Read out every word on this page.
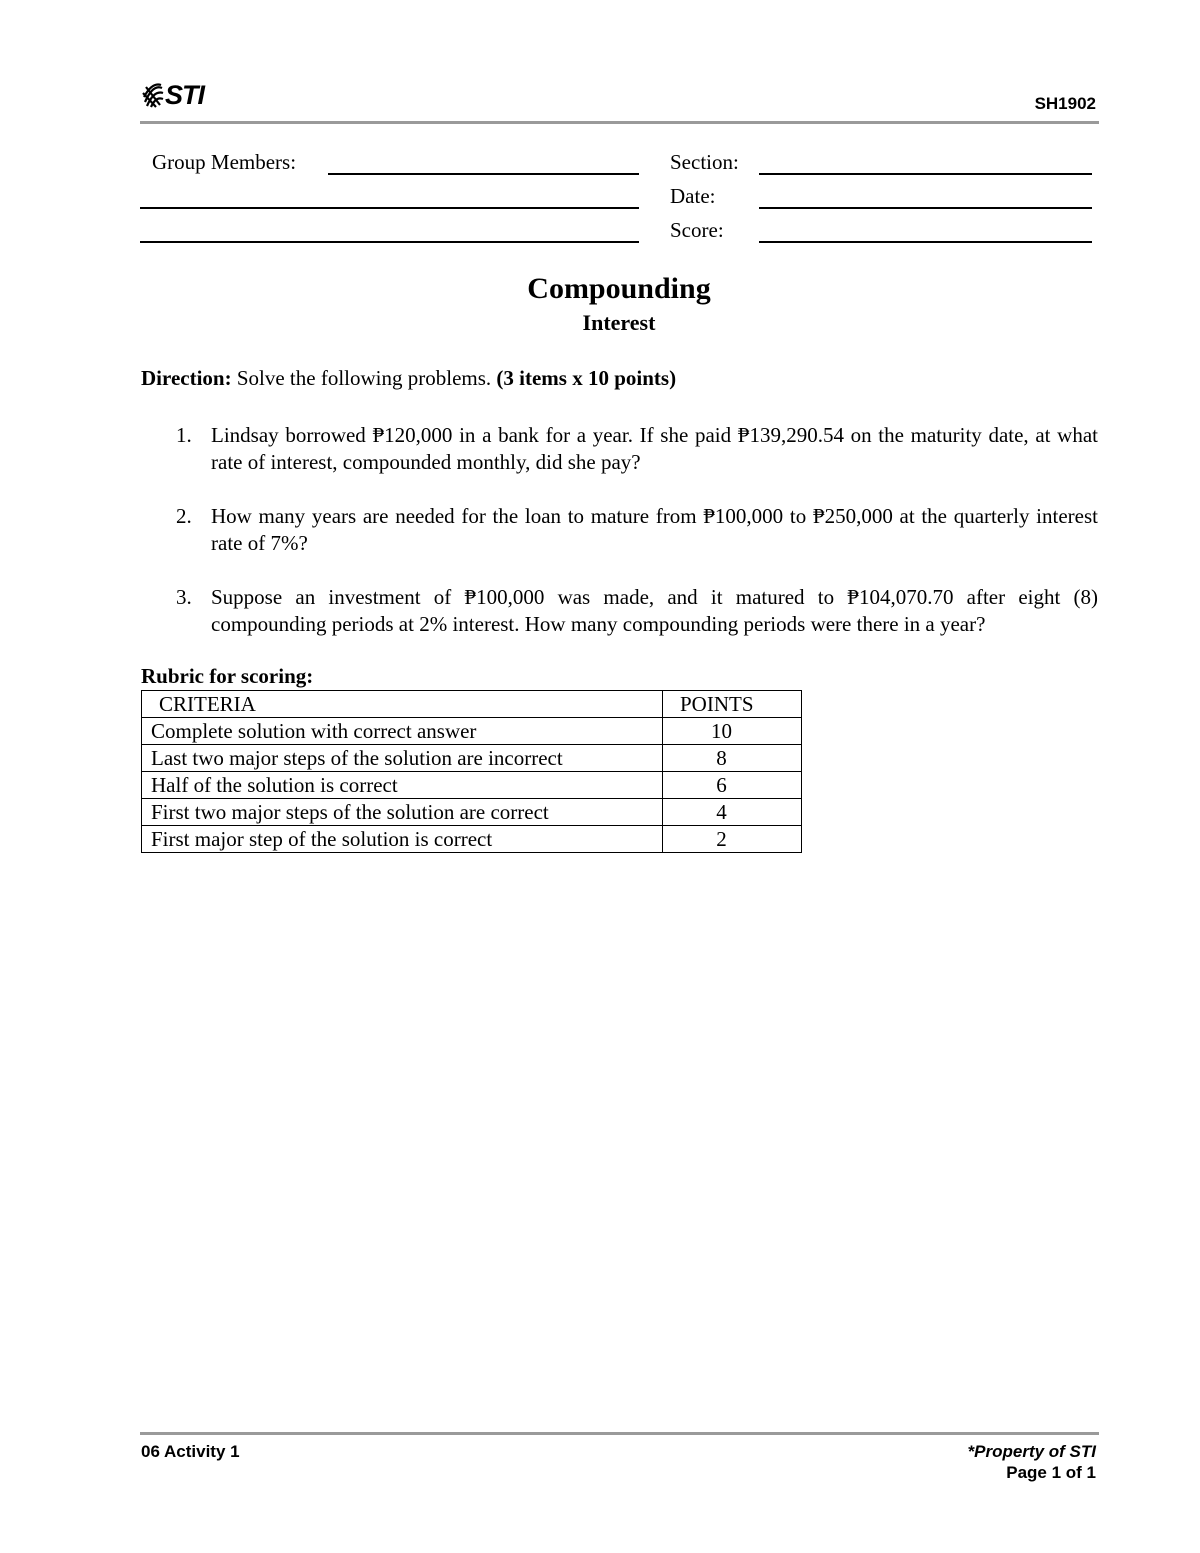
STI	SH1902
Group Members:	Section:
Date:
Score:
Compounding
Interest
Direction: Solve the following problems. (3 items x 10 points)
1. Lindsay borrowed ₱120,000 in a bank for a year. If she paid ₱139,290.54 on the maturity date, at what rate of interest, compounded monthly, did she pay?
2. How many years are needed for the loan to mature from ₱100,000 to ₱250,000 at the quarterly interest rate of 7%?
3. Suppose an investment of ₱100,000 was made, and it matured to ₱104,070.70 after eight (8) compounding periods at 2% interest. How many compounding periods were there in a year?
Rubric for scoring:
CRITERIA	POINTS
Complete solution with correct answer	10
Last two major steps of the solution are incorrect	8
Half of the solution is correct	6
First two major steps of the solution are correct	4
First major step of the solution is correct	2
06 Activity 1	*Property of STI
Page 1 of 1
